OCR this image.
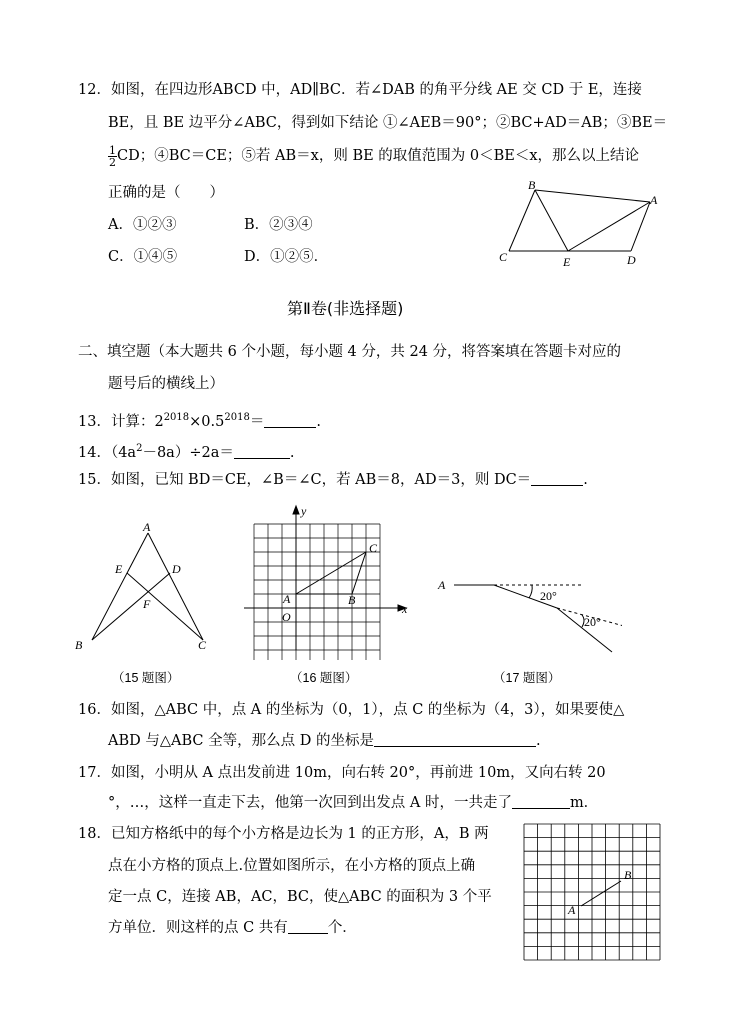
12．如图，在四边形ABCD 中，AD∥BC．若∠DAB 的角平分线 AE 交 CD 于 E，连接
BE，且 BE 边平分∠ABC，得到如下结论 ①∠AEB＝90°；②BC+AD＝AB；③BE＝
$\frac{1}{2}$ CD；④BC＝CE；⑤若 AB＝x，则 BE 的取值范围为 0＜BE＜x，那么以上结论
正确的是（　　）
A．①②③	B．②③④
C．①④⑤	D．①②⑤．
B
A
C	E	D
第Ⅱ卷(非选择题)
二、填空题（本大题共 6 个小题，每小题 4 分，共 24 分，将答案填在答题卡对应的
题号后的横线上）
13．计算：$2^{2018}\times 0.5^{2018}=$	.
14．$(4a^2-8a)\div 2a=$	.
15．如图，已知 BD＝CE，∠B＝∠C，若 AB＝8，AD＝3，则 DC＝	.
A
E	D
F
B	C
（15 题图）
y
C
A	B
O
x
（16 题图）
A
20°
20°
（17 题图）
16．如图，△ABC 中，点 A 的坐标为（0，1），点 C 的坐标为（4，3），如果要使△
ABD 与△ABC 全等，那么点 D 的坐标是	.
17．如图，小明从 A 点出发前进 10m，向右转 20°，再前进 10m，又向右转 20
°，…，这样一直走下去，他第一次回到出发点 A 时，一共走了	m．
18．已知方格纸中的每个小方格是边长为 1 的正方形，A，B 两
点在小方格的顶点上.位置如图所示，在小方格的顶点上确
定一点 C，连接 AB，AC，BC，使△ABC 的面积为 3 个平
方单位．则这样的点 C 共有	个．
B
A
